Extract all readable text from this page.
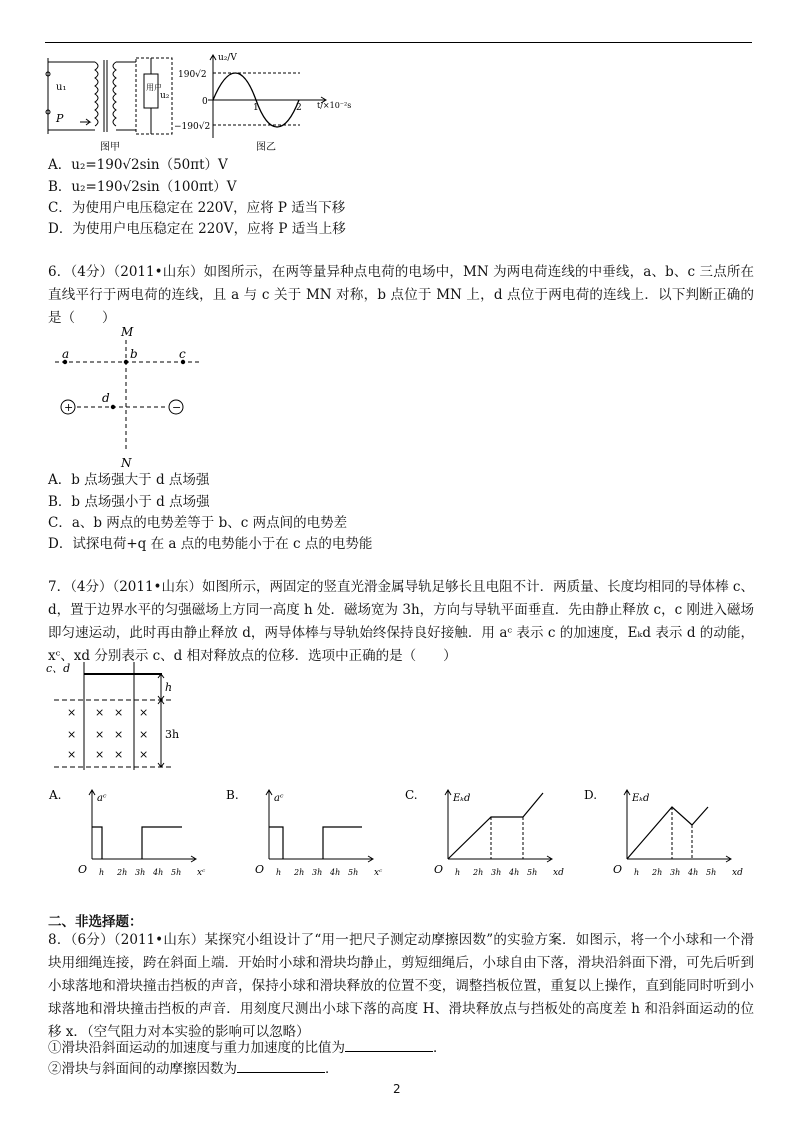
u₁
P
用户
u₂
图甲
u₂/V
190√2
−190√2
0
1	2 t/×10⁻²s
图乙
A．u₂=190√2sin（50πt）V
B．u₂=190√2sin（100πt）V
C．为使用户电压稳定在 220V，应将 P 适当下移
D．为使用户电压稳定在 220V，应将 P 适当上移
6．（4分）（2011•山东）如图所示，在两等量异种点电荷的电场中，MN 为两电荷连线的中垂线，a、b、c 三点所在直线平行于两电荷的连线，且 a 与 c 关于 MN 对称，b 点位于 MN 上，d 点位于两电荷的连线上．以下判断正确的是（　　）
+	−
M
N
a	b	c
d
A．b 点场强大于 d 点场强
B．b 点场强小于 d 点场强
C．a、b 两点的电势差等于 b、c 两点间的电势差
D．试探电荷+q 在 a 点的电势能小于在 c 点的电势能
7．（4分）（2011•山东）如图所示，两固定的竖直光滑金属导轨足够长且电阻不计．两质量、长度均相同的导体棒 c、d，置于边界水平的匀强磁场上方同一高度 h 处．磁场宽为 3h，方向与导轨平面垂直．先由静止释放 c，c 刚进入磁场即匀速运动，此时再由静止释放 d，两导体棒与导轨始终保持良好接触．用 aᶜ 表示 c 的加速度，Eₖd 表示 d 的动能，xᶜ、xd 分别表示 c、d 相对释放点的位移．选项中正确的是（　　）
c、d
h
3h
× × × ×
× × × ×
× × × ×
A.	aᶜ
xᶜ
O h 2h 3h 4h 5h
B.	aᶜ
xᶜ
O h 2h 3h 4h 5h
C.	Eₖd
xd
O h 2h 3h 4h 5h
D.	Eₖd
xd
O h 2h 3h 4h 5h
二、非选择题：
8．（6分）（2011•山东）某探究小组设计了“用一把尺子测定动摩擦因数”的实验方案．如图示，将一个小球和一个滑块用细绳连接，跨在斜面上端．开始时小球和滑块均静止，剪短细绳后，小球自由下落，滑块沿斜面下滑，可先后听到小球落地和滑块撞击挡板的声音，保持小球和滑块释放的位置不变，调整挡板位置，重复以上操作，直到能同时听到小球落地和滑块撞击挡板的声音．用刻度尺测出小球下落的高度 H、滑块释放点与挡板处的高度差 h 和沿斜面运动的位移 x．（空气阻力对本实验的影响可以忽略）
①滑块沿斜面运动的加速度与重力加速度的比值为	．
②滑块与斜面间的动摩擦因数为	．
2
